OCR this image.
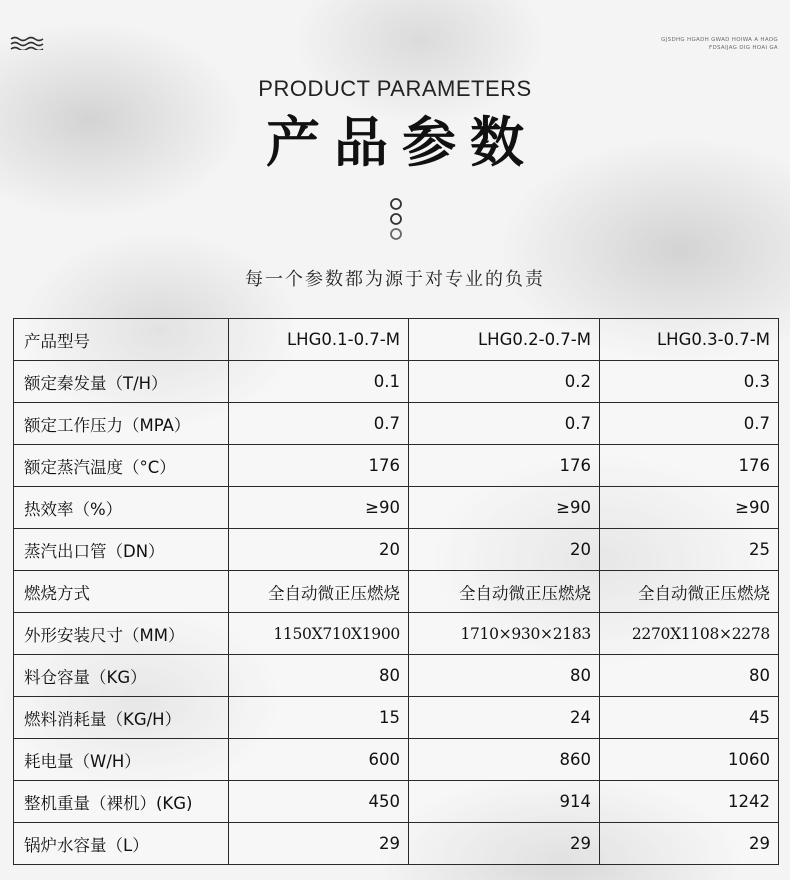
GJSDHG HGADH GWAD HOIWA A HAOG
FDSAIJAG DIG HOAI GA
PRODUCT PARAMETERS
产品参数
每一个参数都为源于对专业的负责
产品型号	LHG0.1-0.7-M	LHG0.2-0.7-M	LHG0.3-0.7-M
额定秦发量（T/H）	0.1	0.2	0.3
额定工作压力（MPA）	0.7	0.7	0.7
额定蒸汽温度（°C）	176	176	176
热效率（%）	≥90	≥90	≥90
蒸汽出口管（DN）	20	20	25
燃烧方式	全自动微正压燃烧	全自动微正压燃烧	全自动微正压燃烧
外形安装尺寸（MM）	1150X710X1900	1710×930×2183	2270X1108×2278
料仓容量（KG）	80	80	80
燃料消耗量（KG/H）	15	24	45
耗电量（W/H）	600	860	1060
整机重量（裸机）(KG)	450	914	1242
锅炉水容量（L）	29	29	29
